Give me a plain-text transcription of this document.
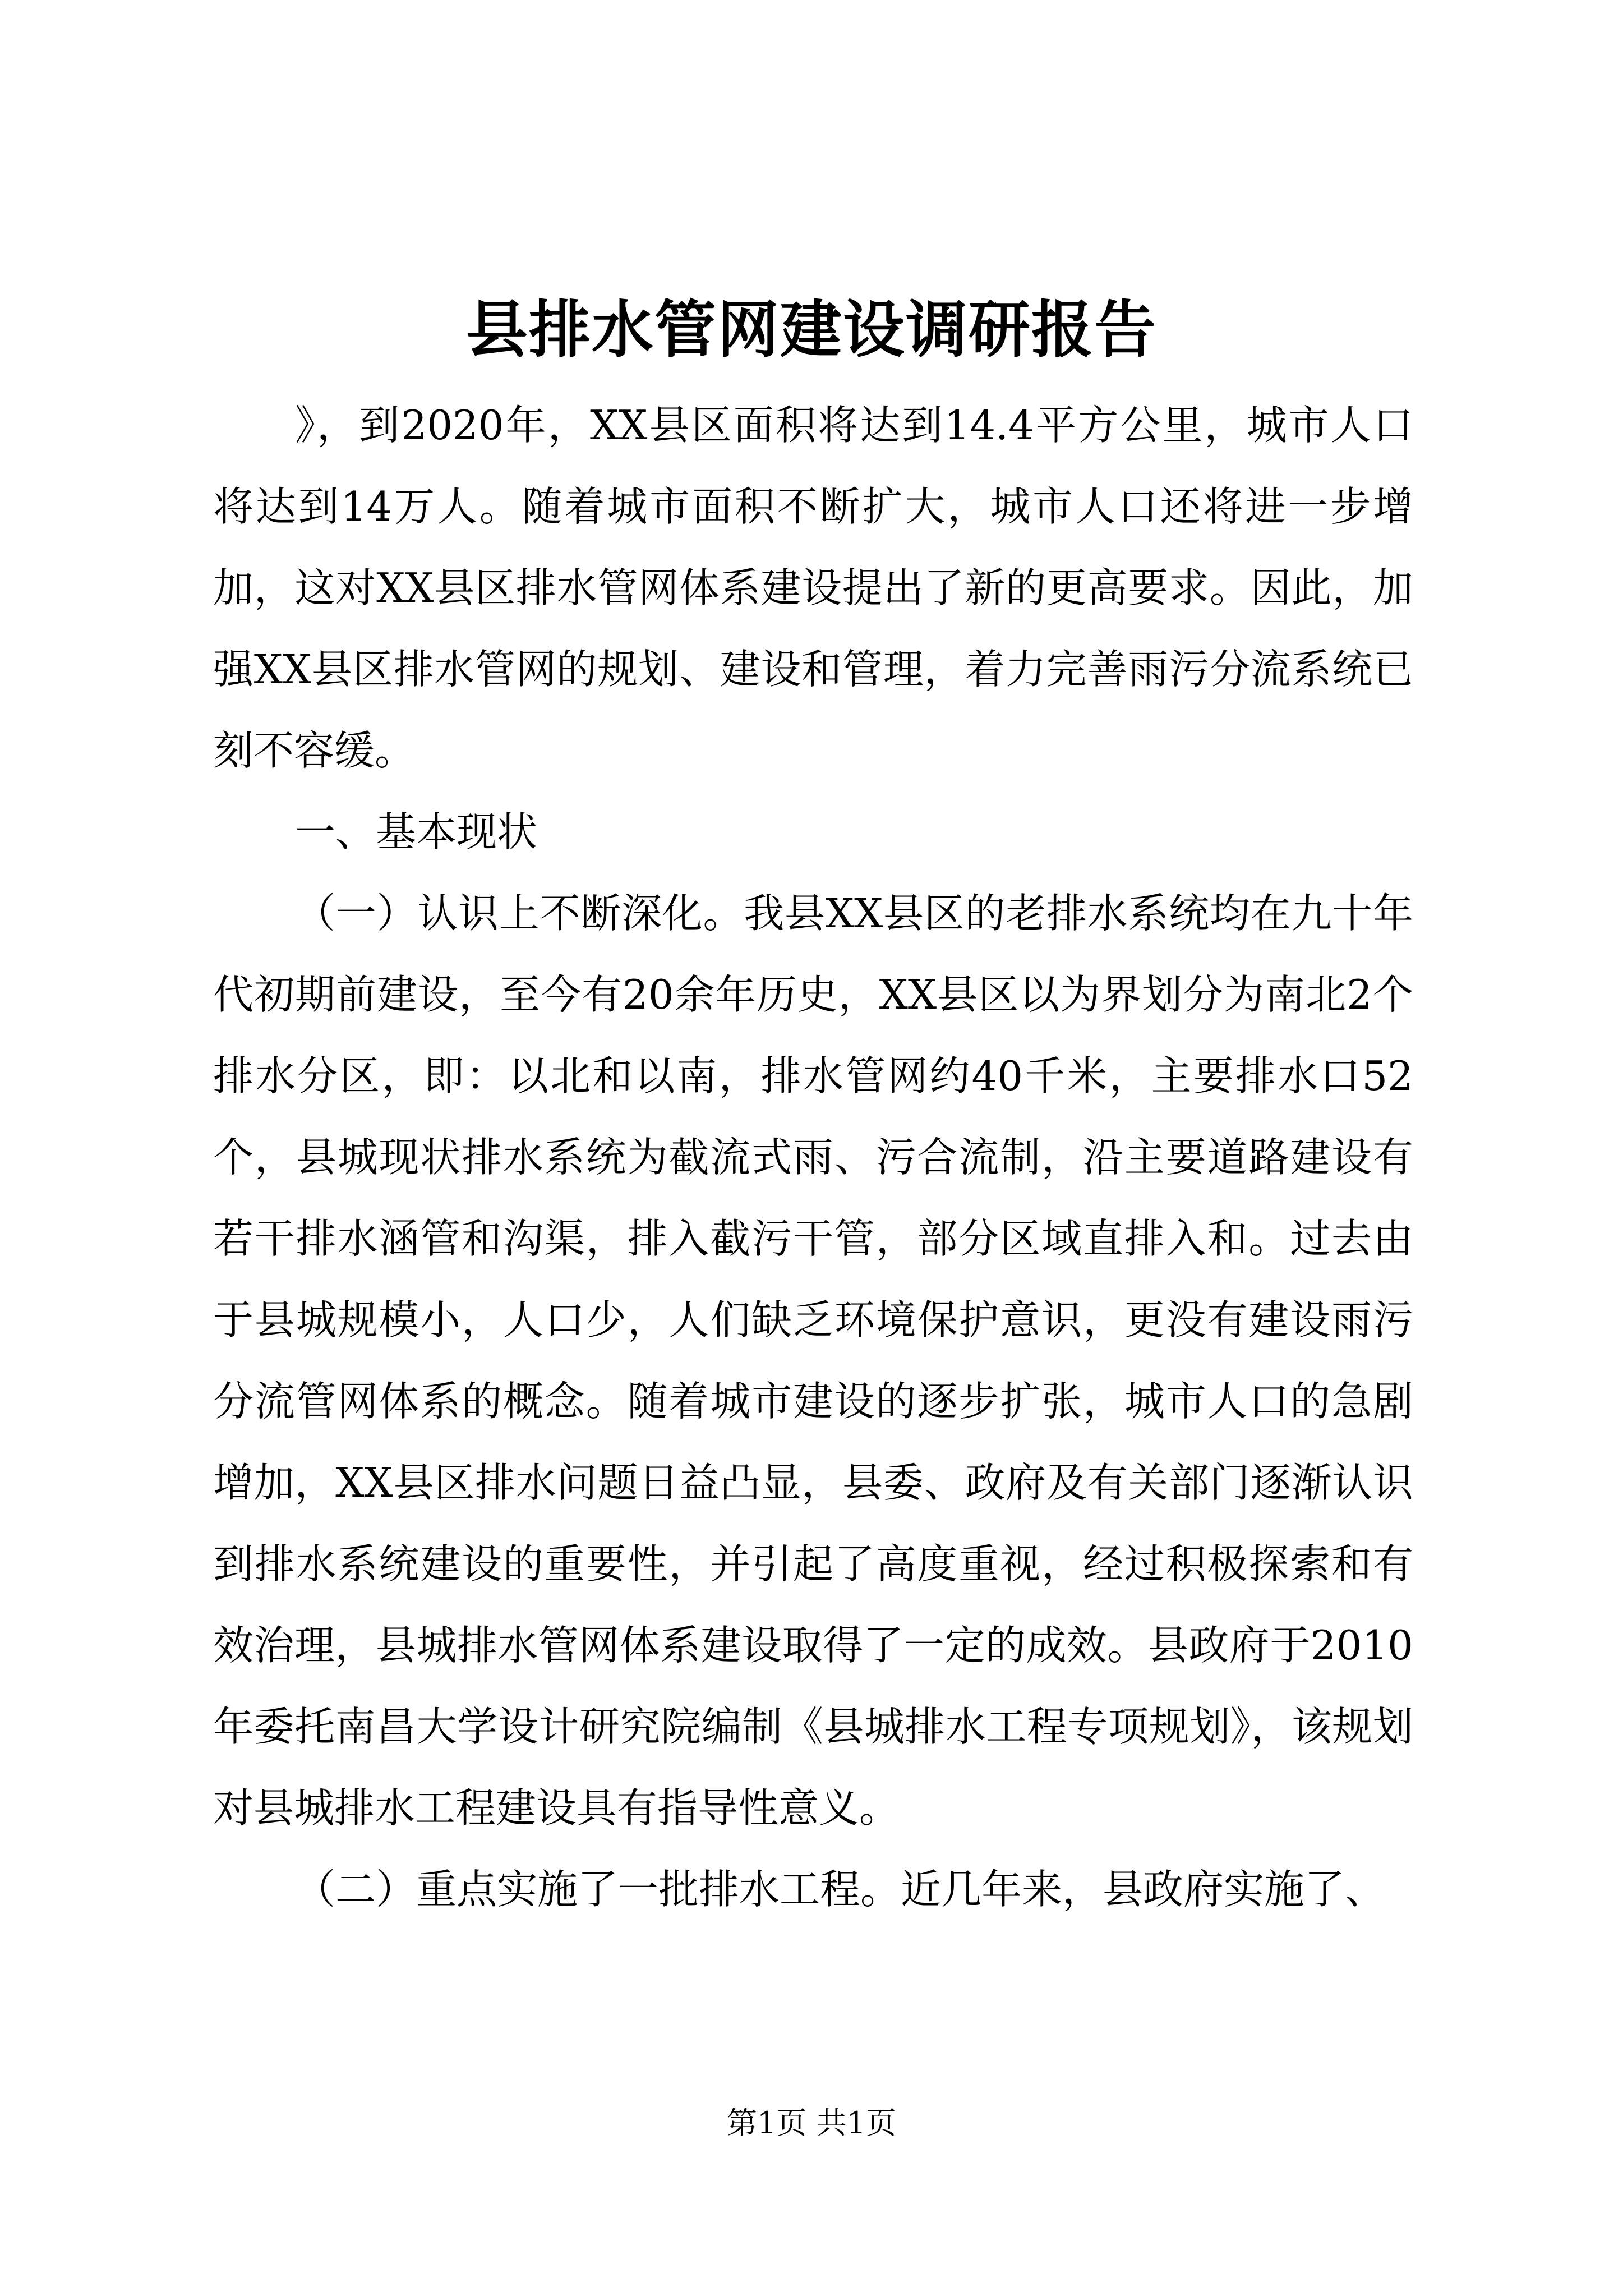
县排水管网建设调研报告

》，到2020年，XX县区面积将达到14.4平方公里，城市人口将达到14万人。随着城市面积不断扩大，城市人口还将进一步增加，这对XX县区排水管网体系建设提出了新的更高要求。因此，加强XX县区排水管网的规划、建设和管理，着力完善雨污分流系统已刻不容缓。

一、基本现状

（一）认识上不断深化。我县XX县区的老排水系统均在九十年代初期前建设，至今有20余年历史，XX县区以为界划分为南北2个排水分区，即：以北和以南，排水管网约40千米，主要排水口52个，县城现状排水系统为截流式雨、污合流制，沿主要道路建设有若干排水涵管和沟渠，排入截污干管，部分区域直排入和。过去由于县城规模小，人口少，人们缺乏环境保护意识，更没有建设雨污分流管网体系的概念。随着城市建设的逐步扩张，城市人口的急剧增加，XX县区排水问题日益凸显，县委、政府及有关部门逐渐认识到排水系统建设的重要性，并引起了高度重视，经过积极探索和有效治理，县城排水管网体系建设取得了一定的成效。县政府于2010年委托南昌大学设计研究院编制《县城排水工程专项规划》，该规划对县城排水工程建设具有指导性意义。

（二）重点实施了一批排水工程。近几年来，县政府实施了、

第1页 共1页
